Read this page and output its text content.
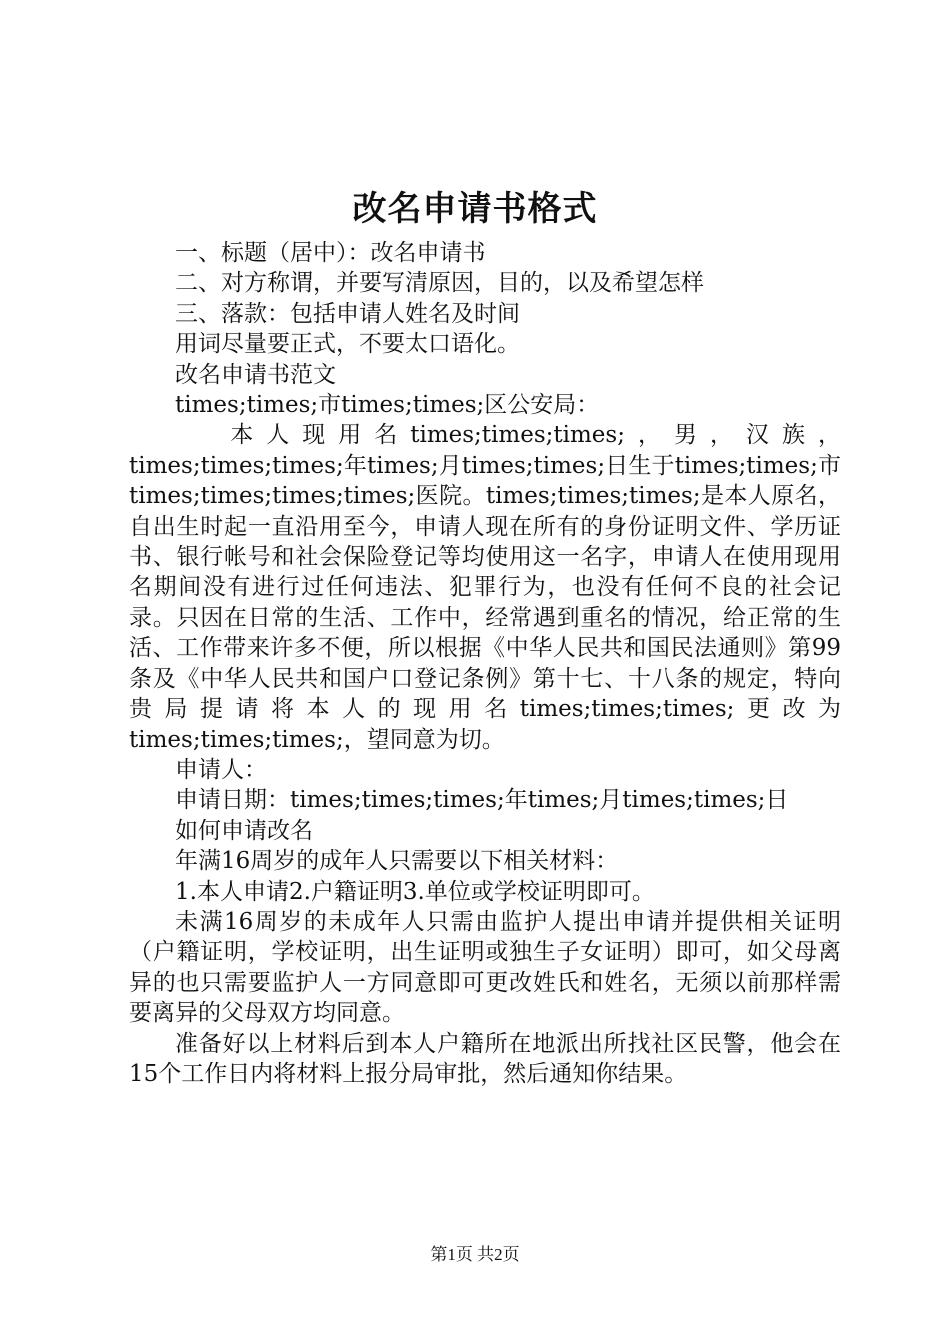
改名申请书格式

一、标题（居中）：改名申请书

二、对方称谓，并要写清原因，目的，以及希望怎样

三、落款：包括申请人姓名及时间

用词尽量要正式，不要太口语化。

改名申请书范文

times;times;市times;times;区公安局：

本人现用名times;times;times;，男，汉族，times;times;times;年times;月times;times;日生于times;times;市times;times;times;times;医院。times;times;times;是本人原名，自出生时起一直沿用至今，申请人现在所有的身份证明文件、学历证书、银行帐号和社会保险登记等均使用这一名字，申请人在使用现用名期间没有进行过任何违法、犯罪行为，也没有任何不良的社会记录。只因在日常的生活、工作中，经常遇到重名的情况，给正常的生活、工作带来许多不便，所以根据《中华人民共和国民法通则》第99条及《中华人民共和国户口登记条例》第十七、十八条的规定，特向贵局提请将本人的现用名times;times;times;更改为times;times;times;，望同意为切。

申请人：

申请日期：times;times;times;年times;月times;times;日

如何申请改名

年满16周岁的成年人只需要以下相关材料：

1.本人申请2.户籍证明3.单位或学校证明即可。

未满16周岁的未成年人只需由监护人提出申请并提供相关证明（户籍证明，学校证明，出生证明或独生子女证明）即可，如父母离异的也只需要监护人一方同意即可更改姓氏和姓名，无须以前那样需要离异的父母双方均同意。

准备好以上材料后到本人户籍所在地派出所找社区民警，他会在15个工作日内将材料上报分局审批，然后通知你结果。

第1页 共2页
